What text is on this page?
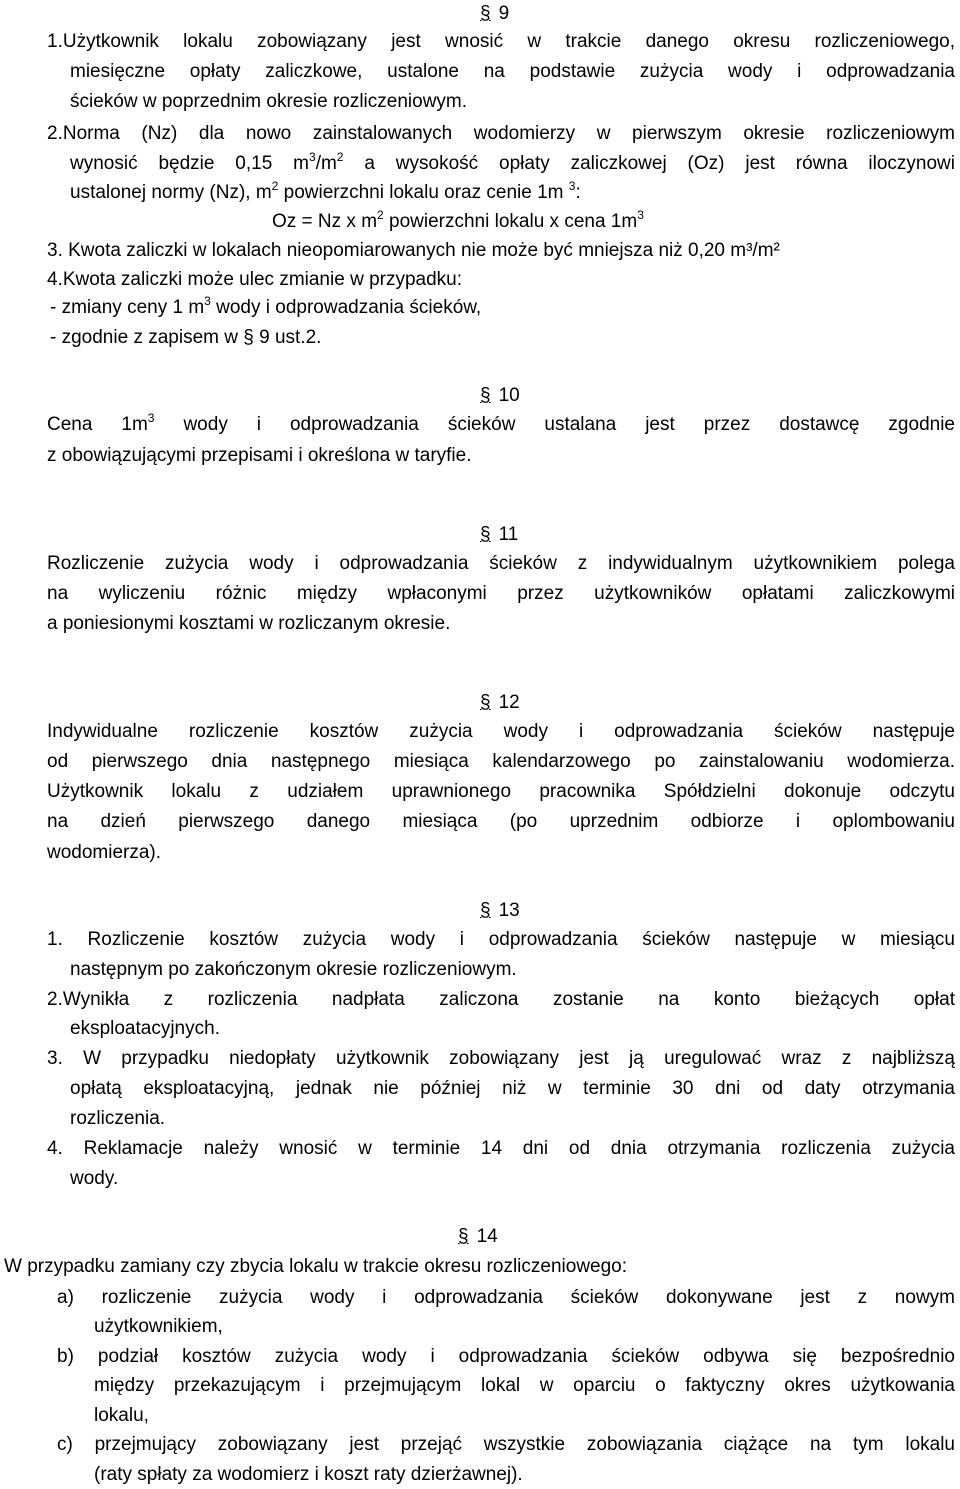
§ 9
1.Użytkownik lokalu zobowiązany jest wnosić w trakcie danego okresu rozliczeniowego,
miesięczne opłaty zaliczkowe, ustalone na podstawie zużycia wody i odprowadzania
ścieków w poprzednim okresie rozliczeniowym.
2.Norma (Nz) dla nowo zainstalowanych wodomierzy w pierwszym okresie rozliczeniowym
wynosić będzie 0,15 $m^3/m^2$ a wysokość opłaty zaliczkowej (Oz) jest równa iloczynowi
ustalonej normy (Nz), $m^2$ powierzchni lokalu oraz cenie 1m $^3$:
Oz = Nz x $m^2$ powierzchni lokalu x cena $1m^3$
3. Kwota zaliczki w lokalach nieopomiarowanych nie może być mniejsza niż 0,20 m³/m²
4.Kwota zaliczki może ulec zmianie w przypadku:
- zmiany ceny 1 $m^3$ wody i odprowadzania ścieków,
- zgodnie z zapisem w § 9 ust.2.
§ 10
Cena $1m^3$ wody i odprowadzania ścieków ustalana jest przez dostawcę zgodnie
z obowiązującymi przepisami i określona w taryfie.
§ 11
Rozliczenie zużycia wody i odprowadzania ścieków z indywidualnym użytkownikiem polega
na wyliczeniu różnic między wpłaconymi przez użytkowników opłatami zaliczkowymi
a poniesionymi kosztami w rozliczanym okresie.
§ 12
Indywidualne rozliczenie kosztów zużycia wody i odprowadzania ścieków następuje
od pierwszego dnia następnego miesiąca kalendarzowego po zainstalowaniu wodomierza.
Użytkownik lokalu z udziałem uprawnionego pracownika Spółdzielni dokonuje odczytu
na dzień pierwszego danego miesiąca (po uprzednim odbiorze i oplombowaniu
wodomierza).
§ 13
1. Rozliczenie kosztów zużycia wody i odprowadzania ścieków następuje w miesiącu
następnym po zakończonym okresie rozliczeniowym.
2.Wynikła z rozliczenia nadpłata zaliczona zostanie na konto bieżących opłat
eksploatacyjnych.
3. W przypadku niedopłaty użytkownik zobowiązany jest ją uregulować wraz z najbliższą
opłatą eksploatacyjną, jednak nie później niż w terminie 30 dni od daty otrzymania
rozliczenia.
4. Reklamacje należy wnosić w terminie 14 dni od dnia otrzymania rozliczenia zużycia
wody.
§ 14
W przypadku zamiany czy zbycia lokalu w trakcie okresu rozliczeniowego:
a) rozliczenie zużycia wody i odprowadzania ścieków dokonywane jest z nowym
użytkownikiem,
b) podział kosztów zużycia wody i odprowadzania ścieków odbywa się bezpośrednio
między przekazującym i przejmującym lokal w oparciu o faktyczny okres użytkowania
lokalu,
c) przejmujący zobowiązany jest przejąć wszystkie zobowiązania ciążące na tym lokalu
(raty spłaty za wodomierz i koszt raty dzierżawnej).
